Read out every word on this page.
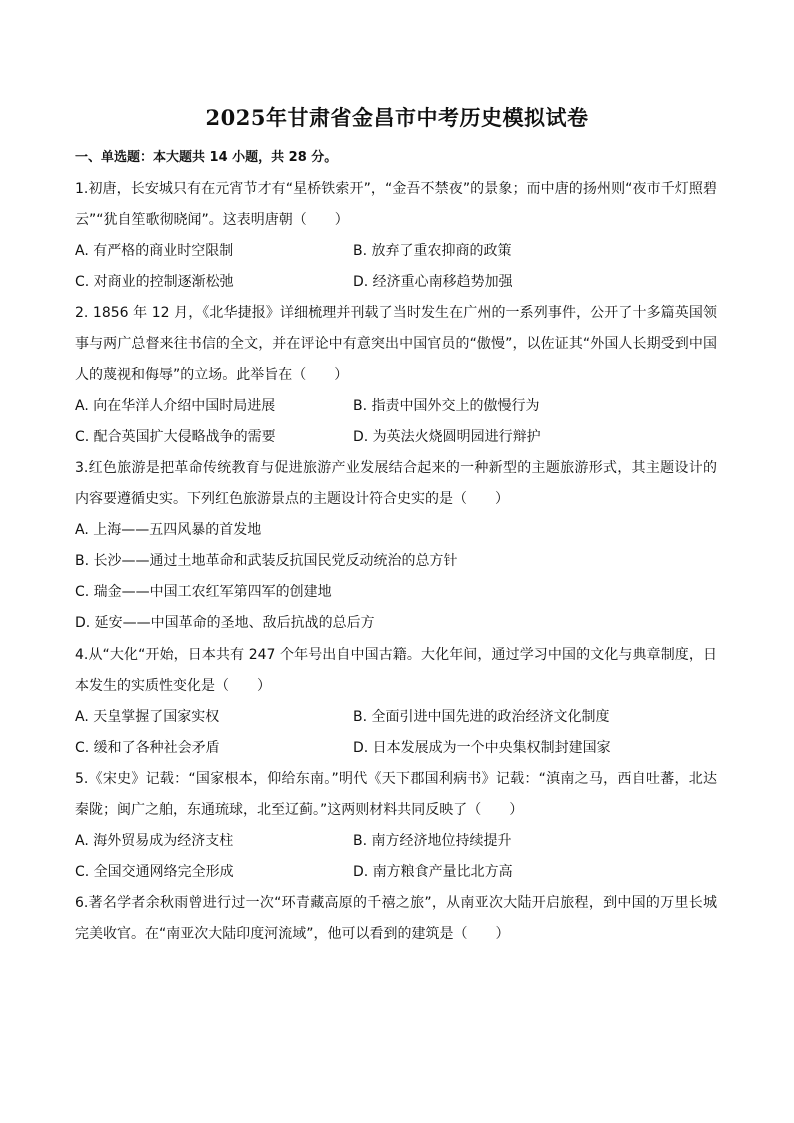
2025年甘肃省金昌市中考历史模拟试卷
一、单选题：本大题共 14 小题，共 28 分。
1.初唐，长安城只有在元宵节才有“星桥铁索开”，“金吾不禁夜”的景象；而中唐的扬州则“夜市千灯照碧云”“犹自笙歌彻晓闻”。这表明唐朝（　　）
A. 有严格的商业时空限制	B. 放弃了重农抑商的政策
C. 对商业的控制逐渐松弛	D. 经济重心南移趋势加强
2. 1856 年 12 月，《北华捷报》详细梳理并刊载了当时发生在广州的一系列事件，公开了十多篇英国领事与两广总督来往书信的全文，并在评论中有意突出中国官员的“傲慢”，以佐证其“外国人长期受到中国人的蔑视和侮辱”的立场。此举旨在（　　）
A. 向在华洋人介绍中国时局进展	B. 指责中国外交上的傲慢行为
C. 配合英国扩大侵略战争的需要	D. 为英法火烧圆明园进行辩护
3.红色旅游是把革命传统教育与促进旅游产业发展结合起来的一种新型的主题旅游形式，其主题设计的内容要遵循史实。下列红色旅游景点的主题设计符合史实的是（　　）
A. 上海——五四风暴的首发地
B. 长沙——通过土地革命和武装反抗国民党反动统治的总方针
C. 瑞金——中国工农红军第四军的创建地
D. 延安——中国革命的圣地、敌后抗战的总后方
4.从“大化“开始，日本共有 247 个年号出自中国古籍。大化年间，通过学习中国的文化与典章制度，日本发生的实质性变化是（　　）
A. 天皇掌握了国家实权	B. 全面引进中国先进的政治经济文化制度
C. 缓和了各种社会矛盾	D. 日本发展成为一个中央集权制封建国家
5.《宋史》记载：“国家根本，仰给东南。”明代《天下郡国利病书》记载：“滇南之马，西自吐蕃，北达秦陇；闽广之舶，东通琉球，北至辽蓟。”这两则材料共同反映了（　　）
A. 海外贸易成为经济支柱	B. 南方经济地位持续提升
C. 全国交通网络完全形成	D. 南方粮食产量比北方高
6.著名学者余秋雨曾进行过一次“环青藏高原的千禧之旅”，从南亚次大陆开启旅程，到中国的万里长城完美收官。在“南亚次大陆印度河流域”，他可以看到的建筑是（　　）
